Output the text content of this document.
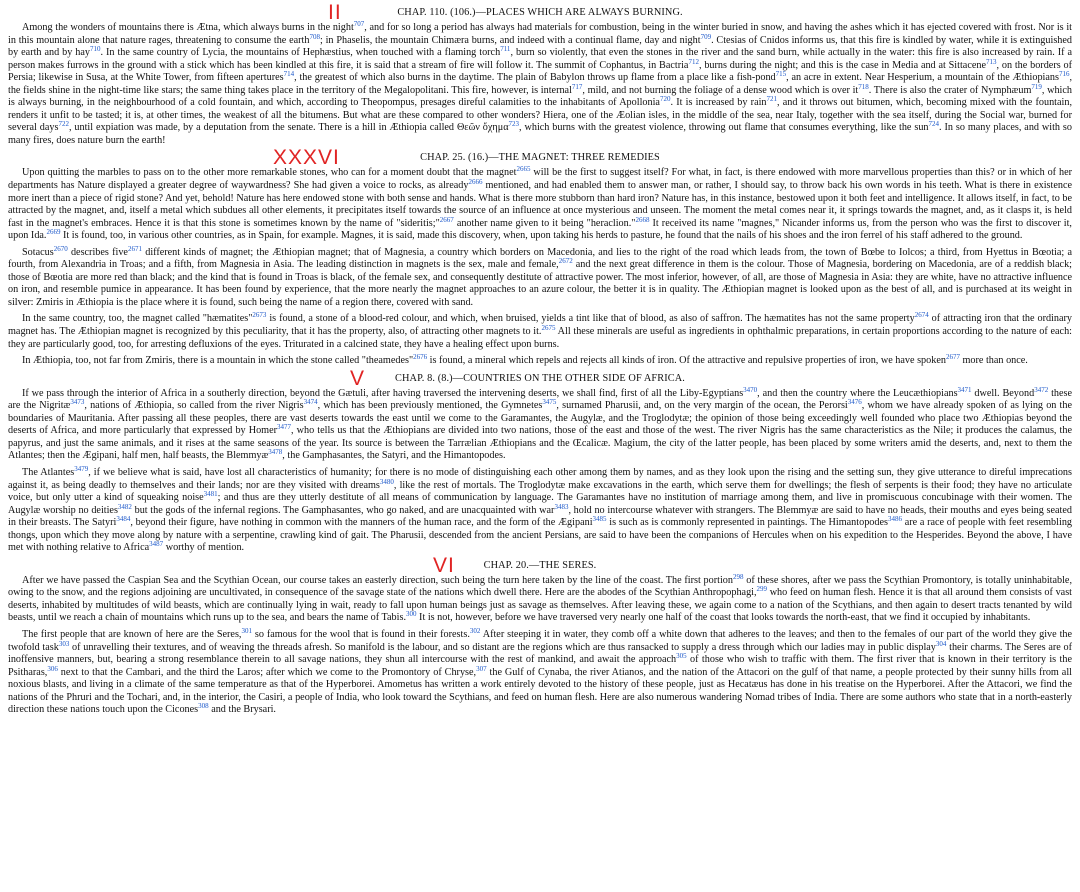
II	CHAP. 110. (106.)—PLACES WHICH ARE ALWAYS BURNING.

Among the wonders of mountains there is Ætna, which always burns in the night$^{707}$, and for so long a period has always had materials for combustion, being in the winter buried in snow, and having the ashes which it has ejected covered with frost. Nor is it in this mountain alone that nature rages, threatening to consume the earth$^{708}$; in Phaselis, the mountain Chimæra burns, and indeed with a continual flame, day and night$^{709}$. Ctesias of Cnidos informs us, that this fire is kindled by water, while it is extinguished by earth and by hay$^{710}$. In the same country of Lycia, the mountains of Hephæstius, when touched with a flaming torch$^{711}$, burn so violently, that even the stones in the river and the sand burn, while actually in the water: this fire is also increased by rain. If a person makes furrows in the ground with a stick which has been kindled at this fire, it is said that a stream of fire will follow it. The summit of Cophantus, in Bactria$^{712}$, burns during the night; and this is the case in Media and at Sittacene$^{713}$, on the borders of Persia; likewise in Susa, at the White Tower, from fifteen apertures$^{714}$, the greatest of which also burns in the daytime. The plain of Babylon throws up flame from a place like a fish-pond$^{715}$, an acre in extent. Near Hesperium, a mountain of the Æthiopians$^{716}$, the fields shine in the night-time like stars; the same thing takes place in the territory of the Megalopolitani. This fire, however, is internal$^{717}$, mild, and not burning the foliage of a dense wood which is over $it^{718}$. There is also the crater of Nymphæum$^{719}$, which is always burning, in the neighbourhood of a cold fountain, and which, according to Theopompus, presages direful calamities to the inhabitants of Apollonia$^{720}$. It is increased by rain$^{721}$, and it throws out bitumen, which, becoming mixed with the fountain, renders it unfit to be tasted; it is, at other times, the weakest of all the bitumens. But what are these compared to other wonders? Hiera, one of the Æolian isles, in the middle of the sea, near Italy, together with the sea itself, during the Social war, burned for several days$^{722}$, until expiation was made, by a deputation from the senate. There is a hill in Æthiopia called Θεῶν ὄχημα$^{723}$, which burns with the greatest violence, throwing out flame that consumes everything, like the sun$^{724}$. In so many places, and with so many fires, does nature burn the earth!

XXXVI	CHAP. 25. (16.)—THE MAGNET: THREE REMEDIES

Upon quitting the marbles to pass on to the other more remarkable stones, who can for a moment doubt that the magnet$^{2665}$ will be the first to suggest itself? For what, in fact, is there endowed with more marvellous properties than this? or in which of her departments has Nature displayed a greater degree of waywardness? She had given a voice to rocks, as already$^{2666}$ mentioned, and had enabled them to answer man, or rather, I should say, to throw back his own words in his teeth. What is there in existence more inert than a piece of rigid stone? And yet, behold! Nature has here endowed stone with both sense and hands. What is there more stubborn than hard iron? Nature has, in this instance, bestowed upon it both feet and intelligence. It allows itself, in fact, to be attracted by the magnet, and, itself a metal which subdues all other elements, it precipitates itself towards the source of an influence at once mysterious and unseen. The moment the metal comes near it, it springs towards the magnet, and, as it clasps it, is held fast in the magnet's embraces. Hence it is that this stone is sometimes known by the name of "sideritis;"$^{2667}$ another name given to it being "heraclion."$^{2668}$ It received its name "magnes," Nicander informs us, from the person who was the first to discover it, upon Ida.$^{2669}$ It is found, too, in various other countries, as in Spain, for example. Magnes, it is said, made this discovery, when, upon taking his herds to pasture, he found that the nails of his shoes and the iron ferrel of his staff adhered to the ground.

Sotacus$^{2670}$ describes five$^{2671}$ different kinds of magnet; the Æthiopian magnet; that of Magnesia, a country which borders on Macedonia, and lies to the right of the road which leads from, the town of Bœbe to Iolcos; a third, from Hyettus in Bœotia; a fourth, from Alexandria in Troas; and a fifth, from Magnesia in Asia. The leading distinction in magnets is the sex, male and female,$^{2672}$ and the next great difference in them is the colour. Those of Magnesia, bordering on Macedonia, are of a reddish black; those of Bœotia are more red than black; and the kind that is found in Troas is black, of the female sex, and consequently destitute of attractive power. The most inferior, however, of all, are those of Magnesia in Asia: they are white, have no attractive influence on iron, and resemble pumice in appearance. It has been found by experience, that the more nearly the magnet approaches to an azure colour, the better it is in quality. The Æthiopian magnet is looked upon as the best of all, and is purchased at its weight in silver: Zmiris in Æthiopia is the place where it is found, such being the name of a region there, covered with sand.

In the same country, too, the magnet called "hæmatites"$^{2673}$ is found, a stone of a blood-red colour, and which, when bruised, yields a tint like that of blood, as also of saffron. The hæmatites has not the same property$^{2674}$ of attracting iron that the ordinary magnet has. The Æthiopian magnet is recognized by this peculiarity, that it has the property, also, of attracting other magnets to it.$^{2675}$ All these minerals are useful as ingredients in ophthalmic preparations, in certain proportions according to the nature of each: they are particularly good, too, for arresting defluxions of the eyes. Triturated in a calcined state, they have a healing effect upon burns.

In Æthiopia, too, not far from Zmiris, there is a mountain in which the stone called "theamedes"$^{2676}$ is found, a mineral which repels and rejects all kinds of iron. Of the attractive and repulsive properties of iron, we have spoken$^{2677}$ more than once.

V	CHAP. 8. (8.)—COUNTRIES ON THE OTHER SIDE OF AFRICA.

If we pass through the interior of Africa in a southerly direction, beyond the Gætuli, after having traversed the intervening deserts, we shall find, first of all the Liby-Egyptians$^{3470}$, and then the country where the Leucæthiopians$^{3471}$ dwell. Beyond$^{3472}$ these are the Nigritæ$^{3473}$, nations of Æthiopia, so called from the river Nigris$^{3474}$, which has been previously mentioned, the Gymnetes$^{3475}$, surnamed Pharusii, and, on the very margin of the ocean, the Perorsi$^{3476}$, whom we have already spoken of as lying on the boundaries of Mauritania. After passing all these peoples, there are vast deserts towards the east until we come to the Garamantes, the Augylæ, and the Troglodytæ; the opinion of those being exceedingly well founded who place two Æthiopias beyond the deserts of Africa, and more particularly that expressed by Homer$^{3477}$, who tells us that the Æthiopians are divided into two nations, those of the east and those of the west. The river Nigris has the same characteristics as the Nile; it produces the calamus, the papyrus, and just the same animals, and it rises at the same seasons of the year. Its source is between the Tarrælian Æthiopians and the Œcalicæ. Magium, the city of the latter people, has been placed by some writers amid the deserts, and, next to them the Atlantes; then the Ægipani, half men, half beasts, the Blemmyæ$^{3478}$, the Gamphasantes, the Satyri, and the Himantopodes.

The Atlantes$^{3479}$, if we believe what is said, have lost all characteristics of humanity; for there is no mode of distinguishing each other among them by names, and as they look upon the rising and the setting sun, they give utterance to direful imprecations against it, as being deadly to themselves and their lands; nor are they visited with dreams$^{3480}$, like the rest of mortals. The Troglodytæ make excavations in the earth, which serve them for dwellings; the flesh of serpents is their food; they have no articulate voice, but only utter a kind of squeaking noise$^{3481}$; and thus are they utterly destitute of all means of communication by language. The Garamantes have no institution of marriage among them, and live in promiscuous concubinage with their women. The Augylæ worship no deities$^{3482}$ but the gods of the infernal regions. The Gamphasantes, who go naked, and are unacquainted with war$^{3483}$, hold no intercourse whatever with strangers. The Blemmyæ are said to have no heads, their mouths and eyes being seated in their breasts. The Satyri$^{3484}$, beyond their figure, have nothing in common with the manners of the human race, and the form of the Ægipani$^{3485}$ is such as is commonly represented in paintings. The Himantopodes$^{3486}$ are a race of people with feet resembling thongs, upon which they move along by nature with a serpentine, crawling kind of gait. The Pharusii, descended from the ancient Persians, are said to have been the companions of Hercules when on his expedition to the Hesperides. Beyond the above, I have met with nothing relative to Africa$^{3487}$ worthy of mention.

VI	CHAP. 20.—THE SERES.

After we have passed the Caspian Sea and the Scythian Ocean, our course takes an easterly direction, such being the turn here taken by the line of the coast. The first portion$^{298}$ of these shores, after we pass the Scythian Promontory, is totally uninhabitable, owing to the snow, and the regions adjoining are uncultivated, in consequence of the savage state of the nations which dwell there. Here are the abodes of the Scythian Anthropophagi,$^{299}$ who feed on human flesh. Hence it is that all around them consists of vast deserts, inhabited by multitudes of wild beasts, which are continually lying in wait, ready to fall upon human beings just as savage as themselves. After leaving these, we again come to a nation of the Scythians, and then again to desert tracts tenanted by wild beasts, until we reach a chain of mountains which runs up to the sea, and bears the name of Tabis.$^{300}$ It is not, however, before we have traversed very nearly one half of the coast that looks towards the north-east, that we find it occupied by inhabitants.

The first people that are known of here are the Seres,$^{301}$ so famous for the wool that is found in their forests.$^{302}$ After steeping it in water, they comb off a white down that adheres to the leaves; and then to the females of our part of the world they give the twofold task$^{303}$ of unravelling their textures, and of weaving the threads afresh. So manifold is the labour, and so distant are the regions which are thus ransacked to supply a dress through which our ladies may in public display$^{304}$ their charms. The Seres are of inoffensive manners, but, bearing a strong resemblance therein to all savage nations, they shun all intercourse with the rest of mankind, and await the approach$^{305}$ of those who wish to traffic with them. The first river that is known in their territory is the Psitharas,$^{306}$ next to that the Cambari, and the third the Laros; after which we come to the Promontory of Chryse,$^{307}$ the Gulf of Cynaba, the river Atianos, and the nation of the Attacori on the gulf of that name, a people protected by their sunny hills from all noxious blasts, and living in a climate of the same temperature as that of the Hyperborei. Amometus has written a work entirely devoted to the history of these people, just as Hecatæus has done in his treatise on the Hyperborei. After the Attacori, we find the nations of the Phruri and the Tochari, and, in the interior, the Casiri, a people of India, who look toward the Scythians, and feed on human flesh. Here are also numerous wandering Nomad tribes of India. There are some authors who state that in a north-easterly direction these nations touch upon the Cicones$^{308}$ and the Brysari.
